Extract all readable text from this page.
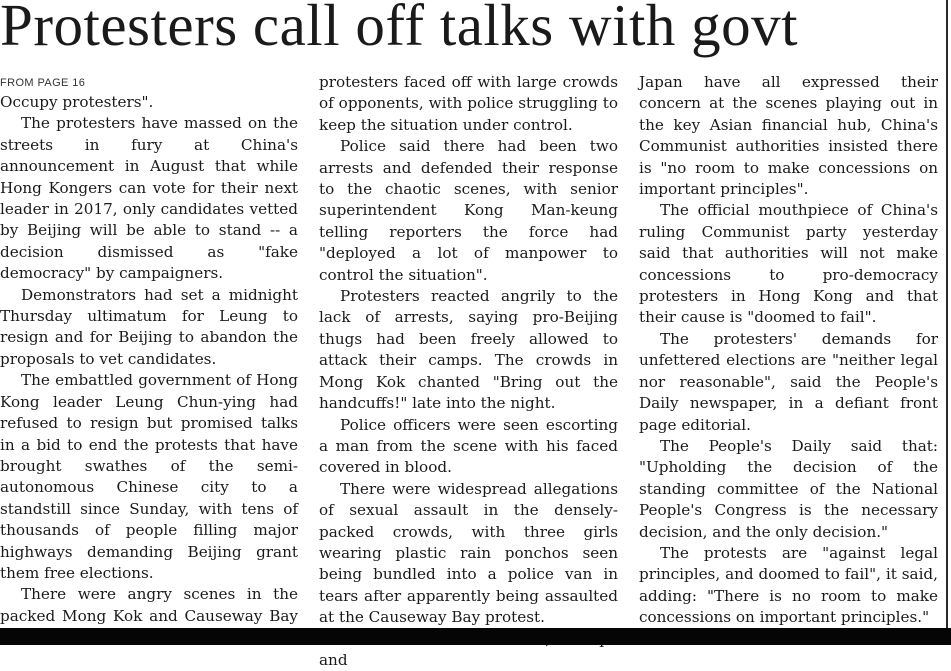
Protesters call off talks with govt
FROM PAGE 16

Occupy protesters".

The protesters have massed on the streets in fury at China's announcement in August that while Hong Kongers can vote for their next leader in 2017, only candidates vetted by Beijing will be able to stand -- a decision dismissed as "fake democracy" by campaigners.

Demonstrators had set a midnight Thursday ultimatum for Leung to resign and for Beijing to abandon the proposals to vet candidates.

The embattled government of Hong Kong leader Leung Chun-ying had refused to resign but promised talks in a bid to end the protests that have brought swathes of the semi-autonomous Chinese city to a standstill since Sunday, with tens of thousands of people filling major highways demanding Beijing grant them free elections.

There were angry scenes in the packed Mong Kok and Causeway Bay

protesters faced off with large crowds of opponents, with police struggling to keep the situation under control.

Police said there had been two arrests and defended their response to the chaotic scenes, with senior superintendent Kong Man-keung telling reporters the force had "deployed a lot of manpower to control the situation".

Protesters reacted angrily to the lack of arrests, saying pro-Beijing thugs had been freely allowed to attack their camps. The crowds in Mong Kok chanted "Bring out the handcuffs!" late into the night.

Police officers were seen escorting a man from the scene with his faced covered in blood.

There were widespread allegations of sexual assault in the densely-packed crowds, with three girls wearing plastic rain ponchos seen being bundled into a police van in tears after apparently being assaulted at the Causeway Bay protest.

and

Japan have all expressed their concern at the scenes playing out in the key Asian financial hub, China's Communist authorities insisted there is "no room to make concessions on important principles".

The official mouthpiece of China's ruling Communist party yesterday said that authorities will not make concessions to pro-democracy protesters in Hong Kong and that their cause is "doomed to fail".

The protesters' demands for unfettered elections are "neither legal nor reasonable", said the People's Daily newspaper, in a defiant front page editorial.

The People's Daily said that: "Upholding the decision of the standing committee of the National People's Congress is the necessary decision, and the only decision."

The protests are "against legal principles, and doomed to fail", it said, adding: "There is no room to make concessions on important principles."
